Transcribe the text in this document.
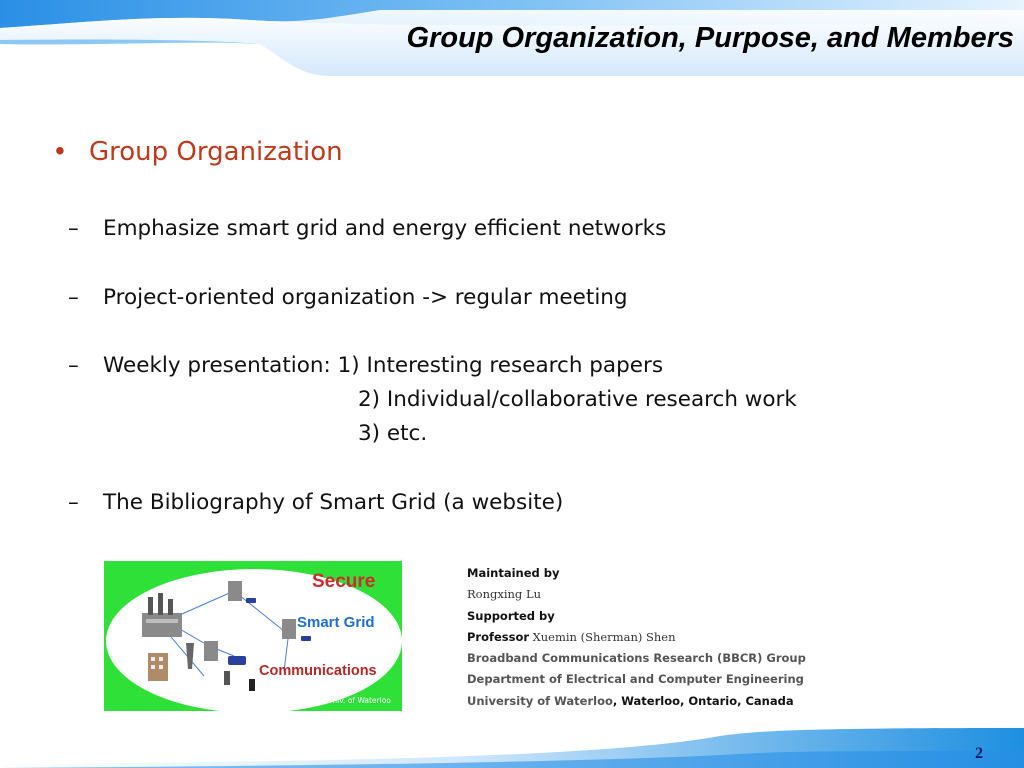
Group Organization, Purpose, and Members
• Group Organization
– Emphasize smart grid and energy efficient networks
– Project-oriented organization -> regular meeting
– Weekly presentation: 1) Interesting research papers
2) Individual/collaborative research work
3) etc.
– The Bibliography of Smart Grid (a website)
Secure
Smart Grid
Communications
BBCR @ Univ. of Waterloo
Maintained by
Rongxing Lu
Supported by
Professor Xuemin (Sherman) Shen
Broadband Communications Research (BBCR) Group
Department of Electrical and Computer Engineering
University of Waterloo, Waterloo, Ontario, Canada
2
